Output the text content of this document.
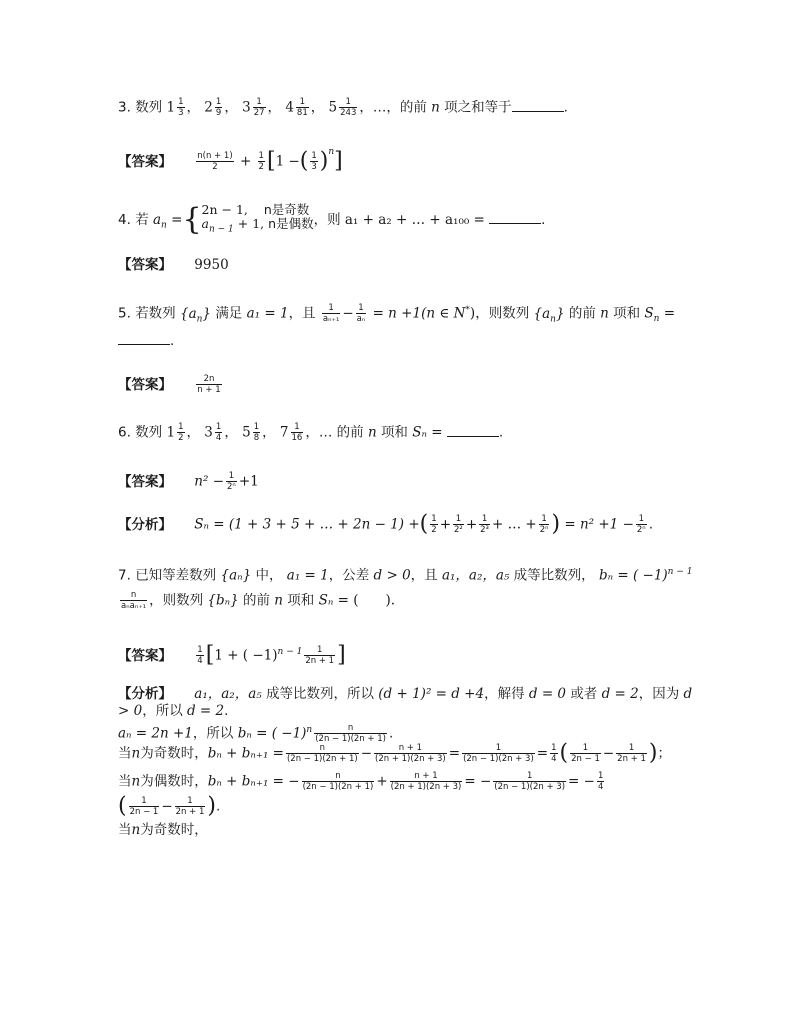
3. 数列 $1 \frac{1}{3}$ ， $2 \frac{1}{9}$ ， $3 \frac{1}{27}$ ， $4 \frac{1}{81}$ ， $5 \frac{1}{243}$ ，…，的前 n 项之和等于	.
【答案】	$\frac{n(n + 1)}{2} + \frac{1}{2} [1$ −( $\frac{1}{3} )^n$]
4. 若 $a_n$ ={ 2n − 1, n是奇数
$a_{n - 1} + 1$, n是偶数 ，则 a₁ + a₂ + … + a₁₀₀ =	.
【答案】 9950
5. 若数列 $\{a_n\}$ 满足 a₁ = 1，且 $\frac{1}{\text{aₙ₊₁}} - \frac{1}{\text{aₙ}} = n +1(n$ ∈ N*)，则数列 $\{a_n\}$ 的前 n 项和 $S_n$ =
.
【答案】	$\frac{2n}{n + 1}$
6. 数列 $1 \frac{1}{2}$ ， $3 \frac{1}{4}$ ， $5 \frac{1}{8}$ ， $7 \frac{1}{16}$ ，… 的前 n 项和 Sₙ =	.
【答案】 $n^2 - \frac{1}{\text{2ⁿ}} +1$
【分析】 Sₙ = (1 + 3 + 5 + … + 2n − 1) +( $\frac{1}{2} + \frac{1}{\text{2²}} + \frac{1}{\text{2³}}$ + … + $\frac{1}{\text{2ⁿ}}$ ) = $n^2 +1 - \frac{1}{\text{2ⁿ}}$ .
7. 已知等差数列 {aₙ} 中， a₁ = 1，公差 d > 0，且 a₁，a₂，a₅ 成等比数列， bₙ = ( −1)$^{n - 1}$
n
aₙaₙ₊₁ ，则数列 {bₙ} 的前 n 项和 Sₙ = (　　).
【答案】	$\frac{1}{4} [1$ + ( $-1)^{n - 1} \frac{1}{2n + 1}$ ]
【分析】 a₁，a₂，a₅ 成等比数列，所以 (d + 1)² = d +4，解得 d = 0 或者 d = 2，因为 d
> 0，所以 d = 2.
aₙ = 2n +1，所以 bₙ = ( $-1)^n \frac{n}{(2n - 1)(2n + 1)}$ .
当n为奇数时，$b_n + b_{n+1} = \frac{n}{(2n - 1)(2n + 1)} - \frac{n + 1}{(2n + 1)(2n + 3)} = \frac{1}{(2n - 1)(2n + 3)} = \frac{1}{4}$ ( $\frac{1}{2n - 1} - \frac{1}{2n + 1}$ )；
当n为偶数时，bₙ + bₙ₊₁ = − $\frac{n}{(2n - 1)(2n + 1)} + \frac{n + 1}{(2n + 1)(2n + 3)}$ = − $\frac{1}{(2n - 1)(2n + 3)}$ = − $\frac{1}{4}$
( $\frac{1}{2n - 1} - \frac{1}{2n + 1}$ ).
当n为奇数时，
